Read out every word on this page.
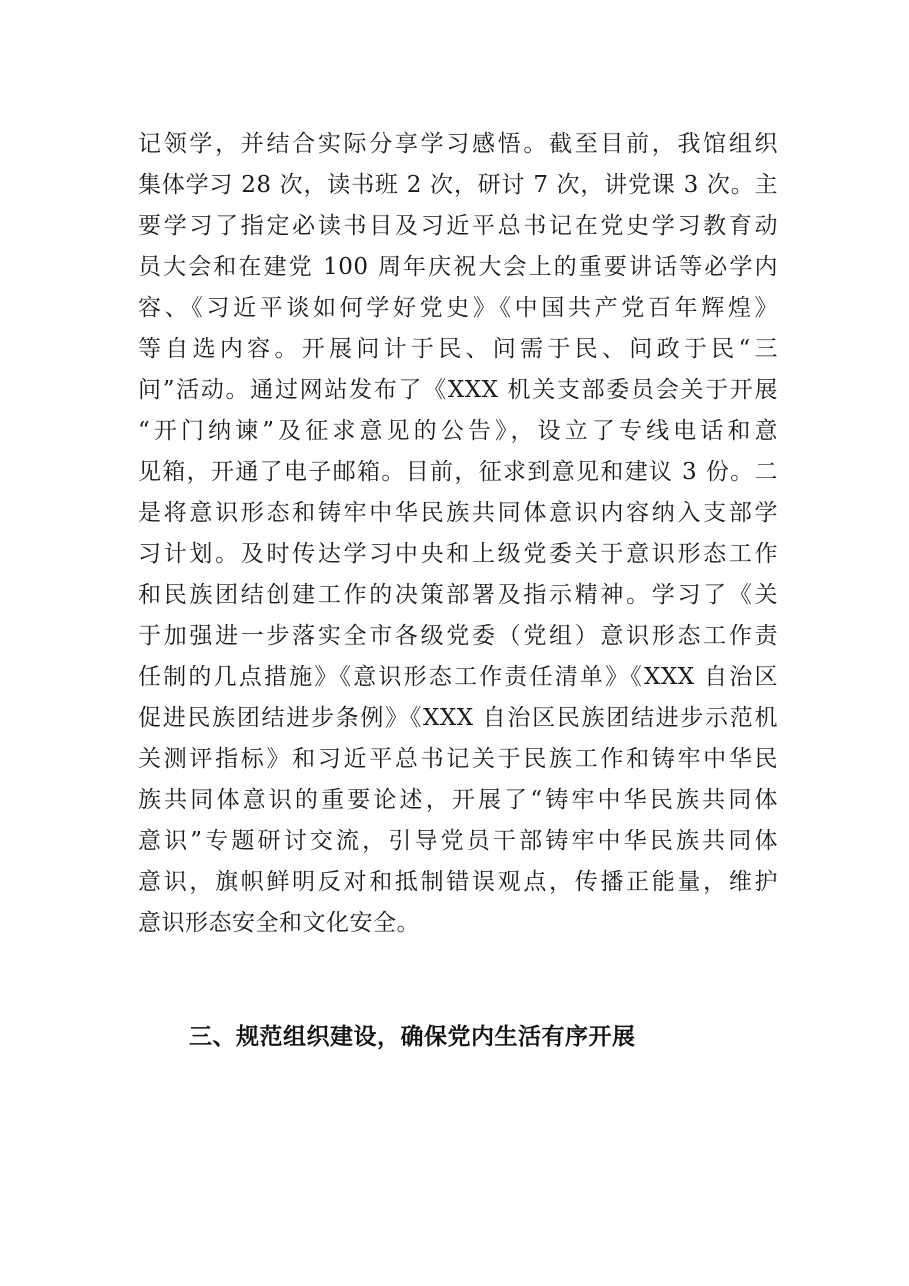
记领学，并结合实际分享学习感悟。截至目前，我馆组织
集体学习 28 次，读书班 2 次，研讨 7 次，讲党课 3 次。主
要学习了指定必读书目及习近平总书记在党史学习教育动
员大会和在建党 100 周年庆祝大会上的重要讲话等必学内
容、《习近平谈如何学好党史》《中国共产党百年辉煌》
等自选内容。开展问计于民、问需于民、问政于民“三
问”活动。通过网站发布了《XXX 机关支部委员会关于开展
“开门纳谏”及征求意见的公告》，设立了专线电话和意
见箱，开通了电子邮箱。目前，征求到意见和建议 3 份。二
是将意识形态和铸牢中华民族共同体意识内容纳入支部学
习计划。及时传达学习中央和上级党委关于意识形态工作
和民族团结创建工作的决策部署及指示精神。学习了《关
于加强进一步落实全市各级党委（党组）意识形态工作责
任制的几点措施》《意识形态工作责任清单》《XXX 自治区
促进民族团结进步条例》《XXX 自治区民族团结进步示范机
关测评指标》和习近平总书记关于民族工作和铸牢中华民
族共同体意识的重要论述，开展了“铸牢中华民族共同体
意识”专题研讨交流，引导党员干部铸牢中华民族共同体
意识，旗帜鲜明反对和抵制错误观点，传播正能量，维护
意识形态安全和文化安全。
三、规范组织建设，确保党内生活有序开展
